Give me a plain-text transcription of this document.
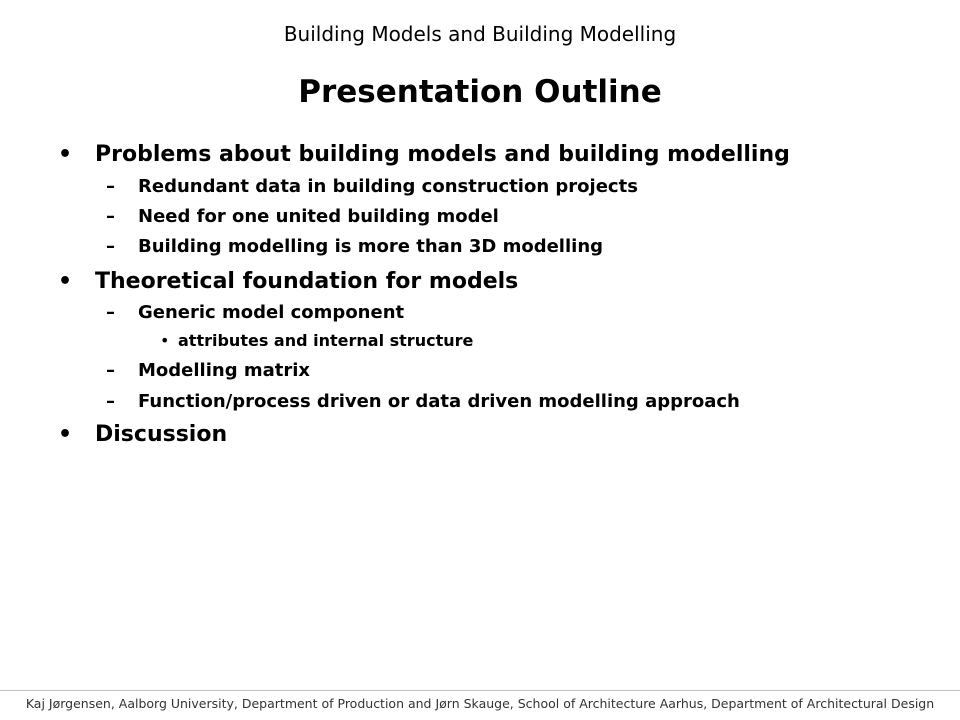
Building Models and Building Modelling
Presentation Outline
• Problems about building models and building modelling
– Redundant data in building construction projects
– Need for one united building model
– Building modelling is more than 3D modelling
• Theoretical foundation for models
– Generic model component
• attributes and internal structure
– Modelling matrix
– Function/process driven or data driven modelling approach
• Discussion
Kaj Jørgensen, Aalborg University, Department of Production and Jørn Skauge, School of Architecture Aarhus, Department of Architectural Design
